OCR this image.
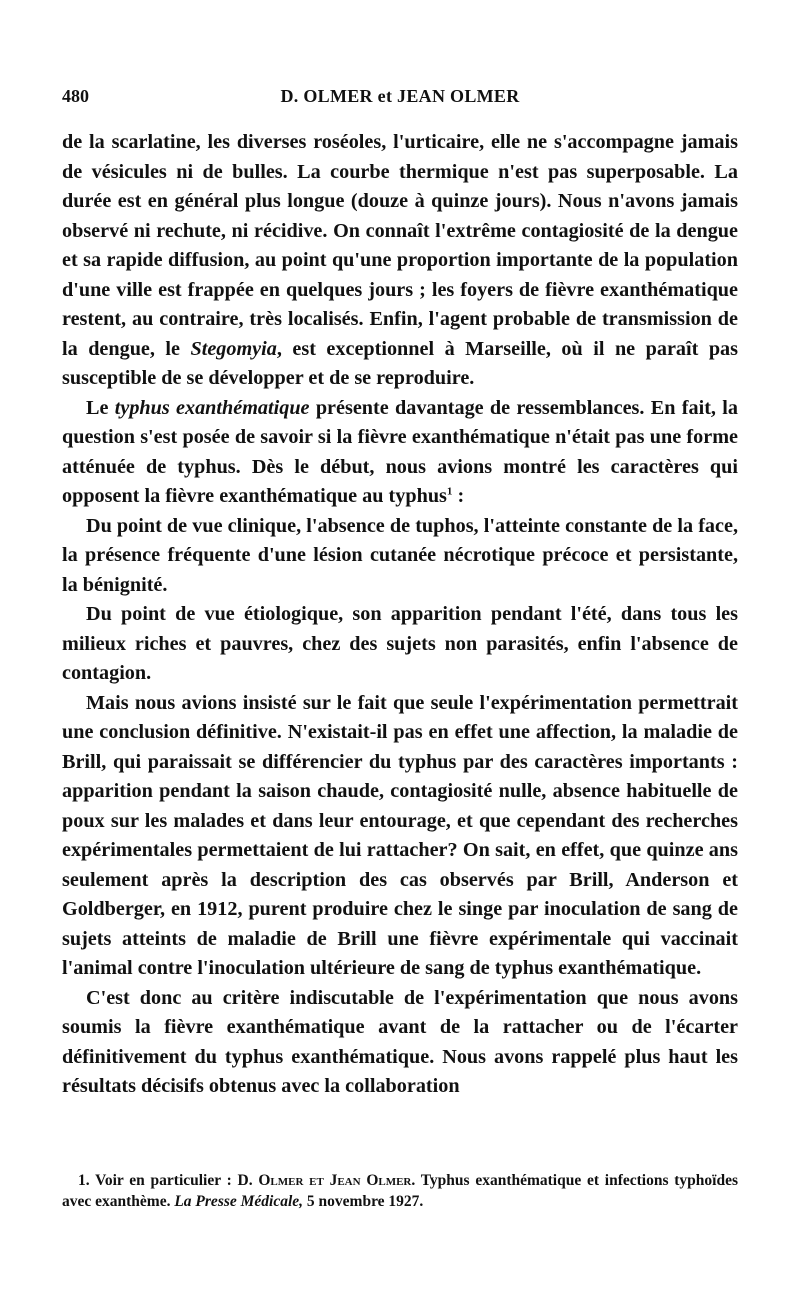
480	D. OLMER et JEAN OLMER

de la scarlatine, les diverses roséoles, l'urticaire, elle ne s'accompagne jamais de vésicules ni de bulles. La courbe thermique n'est pas superposable. La durée est en général plus longue (douze à quinze jours). Nous n'avons jamais observé ni rechute, ni récidive. On connaît l'extrême contagiosité de la dengue et sa rapide diffusion, au point qu'une proportion importante de la population d'une ville est frappée en quelques jours ; les foyers de fièvre exanthématique restent, au contraire, très localisés. Enfin, l'agent probable de transmission de la dengue, le Stegomyia, est exceptionnel à Marseille, où il ne paraît pas susceptible de se développer et de se reproduire.

Le typhus exanthématique présente davantage de ressemblances. En fait, la question s'est posée de savoir si la fièvre exanthématique n'était pas une forme atténuée de typhus. Dès le début, nous avions montré les caractères qui opposent la fièvre exanthématique au typhus$^1$ :

Du point de vue clinique, l'absence de tuphos, l'atteinte constante de la face, la présence fréquente d'une lésion cutanée nécrotique précoce et persistante, la bénignité.

Du point de vue étiologique, son apparition pendant l'été, dans tous les milieux riches et pauvres, chez des sujets non parasités, enfin l'absence de contagion.

Mais nous avions insisté sur le fait que seule l'expérimentation permettrait une conclusion définitive. N'existait-il pas en effet une affection, la maladie de Brill, qui paraissait se différencier du typhus par des caractères importants : apparition pendant la saison chaude, contagiosité nulle, absence habituelle de poux sur les malades et dans leur entourage, et que cependant des recherches expérimentales permettaient de lui rattacher? On sait, en effet, que quinze ans seulement après la description des cas observés par Brill, Anderson et Goldberger, en 1912, purent produire chez le singe par inoculation de sang de sujets atteints de maladie de Brill une fièvre expérimentale qui vaccinait l'animal contre l'inoculation ultérieure de sang de typhus exanthématique.

C'est donc au critère indiscutable de l'expérimentation que nous avons soumis la fièvre exanthématique avant de la rattacher ou de l'écarter définitivement du typhus exanthématique. Nous avons rappelé plus haut les résultats décisifs obtenus avec la collaboration

1. Voir en particulier : D. Olmer et Jean Olmer. Typhus exanthématique et infections typhoïdes avec exanthème. La Presse Médicale, 5 novembre 1927.
